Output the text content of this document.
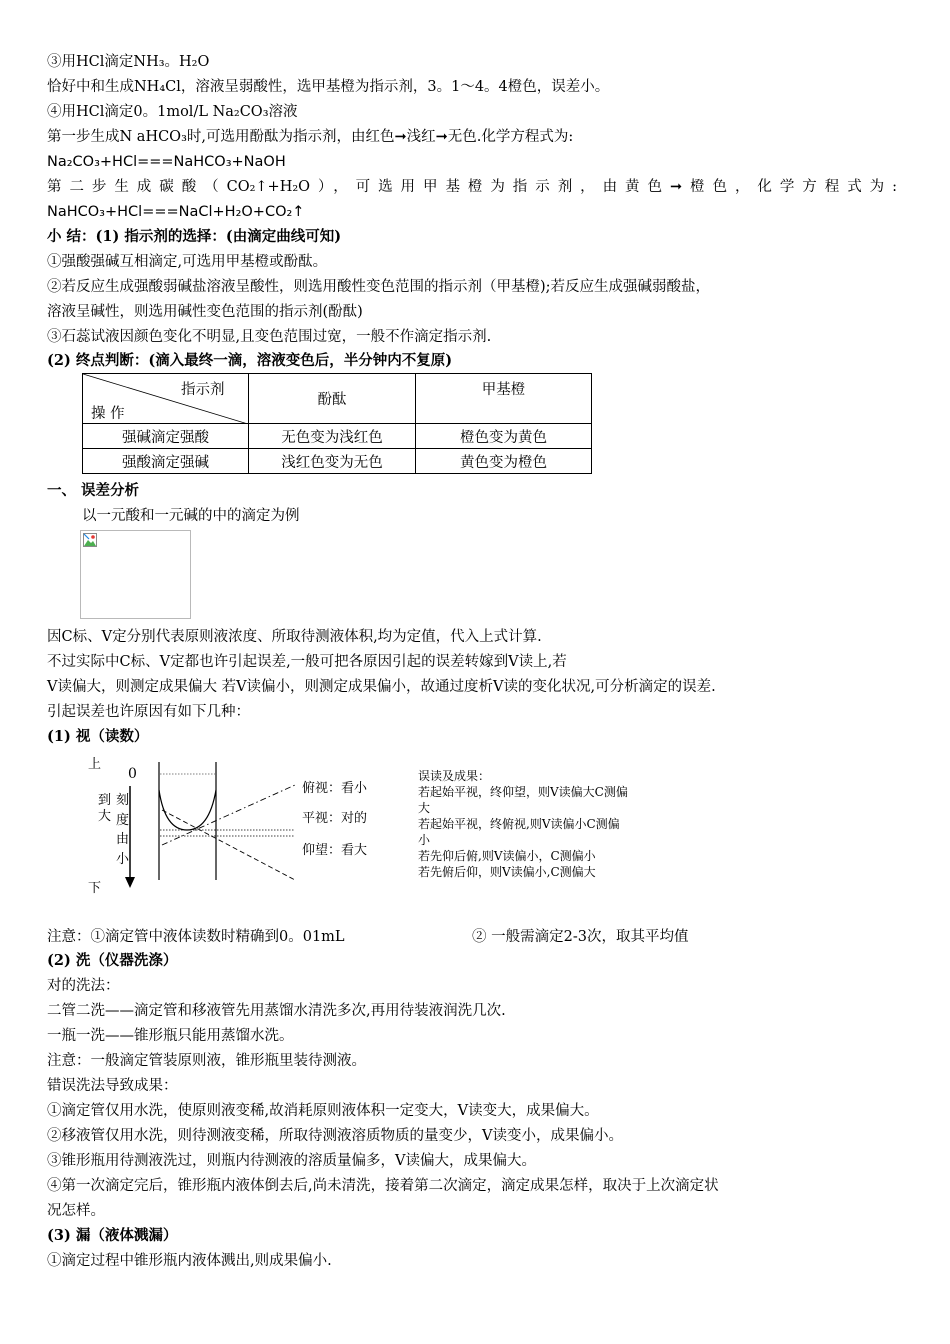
③用HCl滴定NH₃。H₂O
恰好中和生成NH₄Cl，溶液呈弱酸性，选甲基橙为指示剂，3。1～4。4橙色，误差小。
④用HCl滴定0。1mol/L Na₂CO₃溶液
第一步生成N aHCO₃时,可选用酚酞为指示剂，由红色➞浅红➞无色.化学方程式为:
Na₂CO₃+HCl===NaHCO₃+NaOH
第二步生成碳酸（CO₂↑+H₂O），可选用甲基橙为指示剂，由黄色➞橙色，化学方程式为:
NaHCO₃+HCl===NaCl+H₂O+CO₂↑
小 结：(1) 指示剂的选择：(由滴定曲线可知)
①强酸强碱互相滴定,可选用甲基橙或酚酞。
②若反应生成强酸弱碱盐溶液呈酸性，则选用酸性变色范围的指示剂（甲基橙);若反应生成强碱弱酸盐，
溶液呈碱性，则选用碱性变色范围的指示剂(酚酞)
③石蕊试液因颜色变化不明显,且变色范围过宽，一般不作滴定指示剂.
(2) 终点判断：(滴入最终一滴，溶液变色后，半分钟内不复原)
指示剂
操 作	酚酞	甲基橙
强碱滴定强酸	无色变为浅红色	橙色变为黄色
强酸滴定强碱	浅红色变为无色	黄色变为橙色
一、 误差分析
以一元酸和一元碱的中的滴定为例
因C标、V定分别代表原则液浓度、所取待测液体积,均为定值，代入上式计算.
不过实际中C标、V定都也许引起误差,一般可把各原因引起的误差转嫁到V读上,若
V读偏大，则测定成果偏大 若V读偏小，则测定成果偏小，故通过度析V读的变化状况,可分析滴定的误差.
引起误差也许原因有如下几种：
(1) 视（读数）
上
0
下
到
大
刻
度
由
小
俯视：看小
平视：对的
仰望：看大
误读及成果：
若起始平视，终仰望，则V读偏大C测偏
大
若起始平视，终俯视,则V读偏小C测偏
小
若先仰后俯,则V读偏小，C测偏小
若先俯后仰，则V读偏小,C测偏大
注意：①滴定管中液体读数时精确到0。01mL	② 一般需滴定2-3次，取其平均值
(2) 洗（仪器洗涤）
对的洗法：
二管二洗——滴定管和移液管先用蒸馏水清洗多次,再用待装液润洗几次.
一瓶一洗——锥形瓶只能用蒸馏水洗。
注意：一般滴定管装原则液，锥形瓶里装待测液。
错误洗法导致成果：
①滴定管仅用水洗，使原则液变稀,故消耗原则液体积一定变大，V读变大，成果偏大。
②移液管仅用水洗，则待测液变稀，所取待测液溶质物质的量变少，V读变小，成果偏小。
③锥形瓶用待测液洗过，则瓶内待测液的溶质量偏多，V读偏大，成果偏大。
④第一次滴定完后，锥形瓶内液体倒去后,尚未清洗，接着第二次滴定，滴定成果怎样，取决于上次滴定状
况怎样。
(3) 漏（液体溅漏）
①滴定过程中锥形瓶内液体溅出,则成果偏小.
